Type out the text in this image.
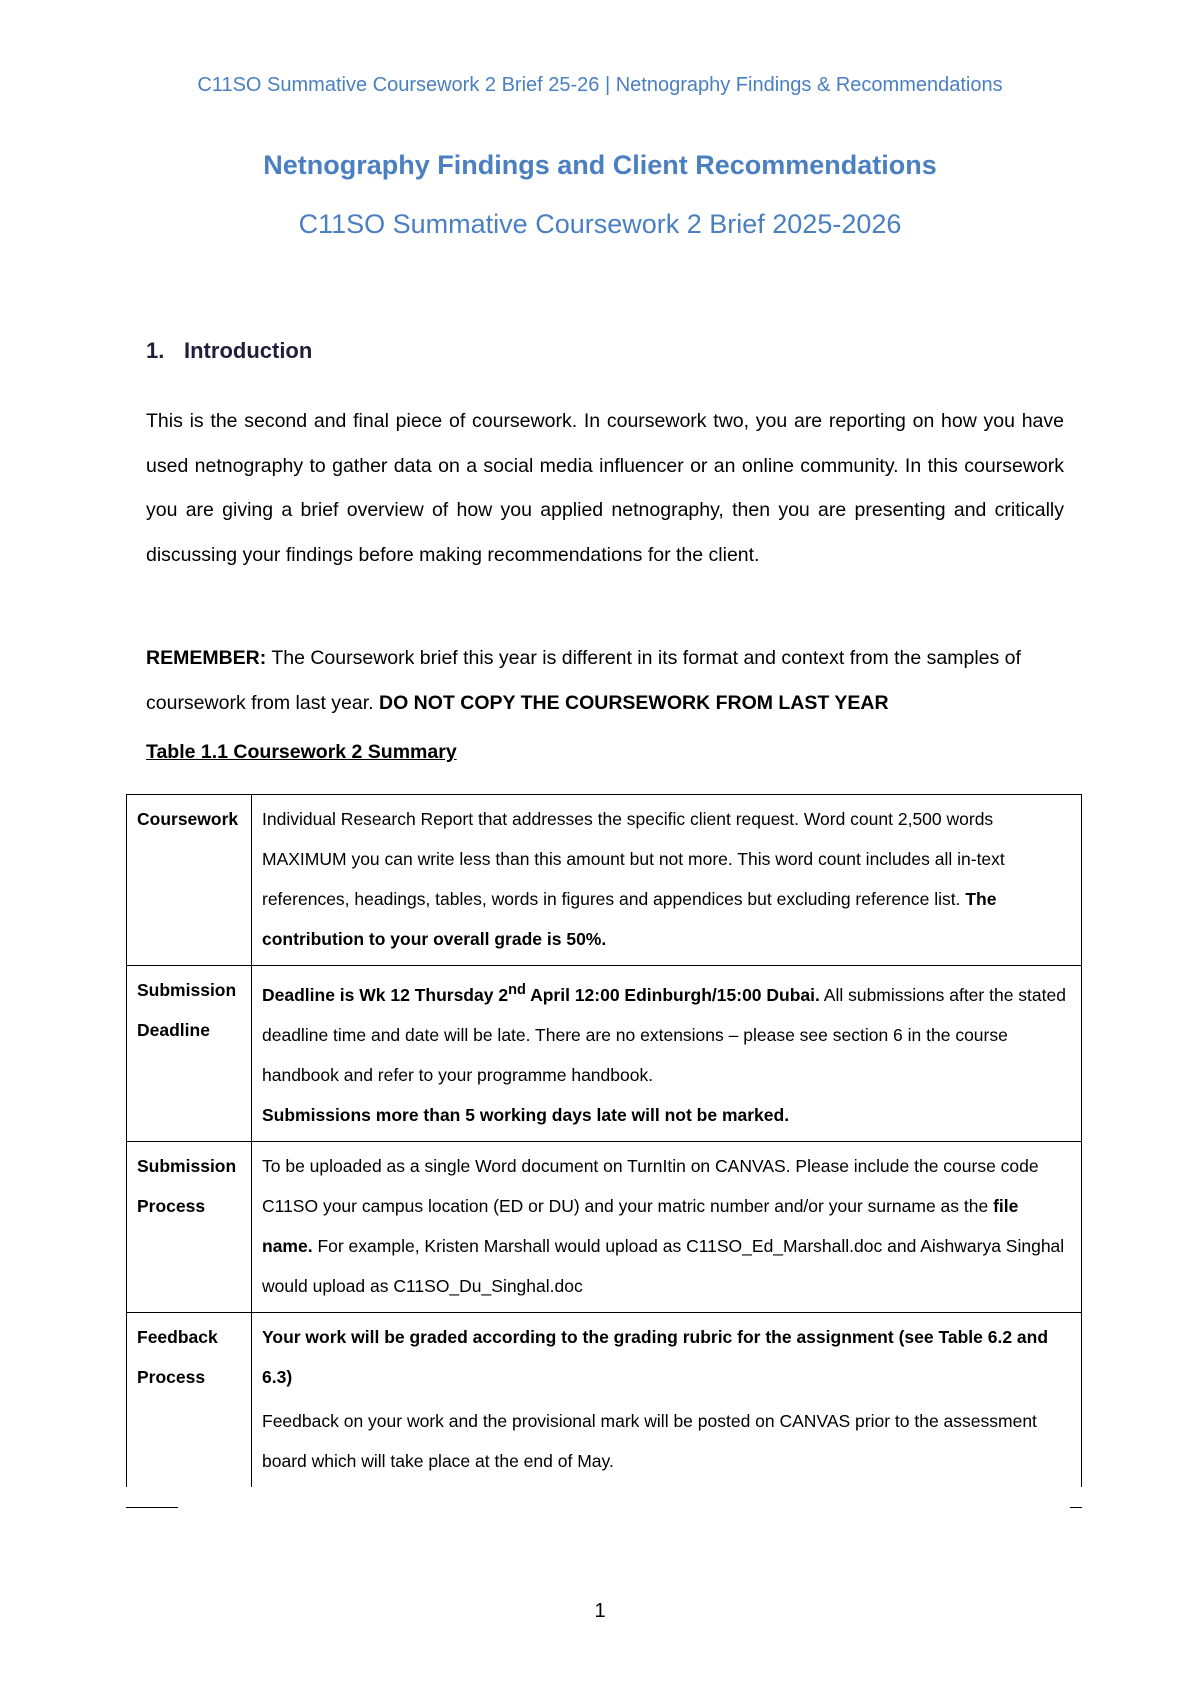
C11SO Summative Coursework 2 Brief 25-26 | Netnography Findings & Recommendations
Netnography Findings and Client Recommendations
C11SO Summative Coursework 2 Brief 2025-2026
1. Introduction

This is the second and final piece of coursework. In coursework two, you are reporting on how you have used netnography to gather data on a social media influencer or an online community. In this coursework you are giving a brief overview of how you applied netnography, then you are presenting and critically discussing your findings before making recommendations for the client.

REMEMBER: The Coursework brief this year is different in its format and context from the samples of coursework from last year. DO NOT COPY THE COURSEWORK FROM LAST YEAR

Table 1.1 Coursework 2 Summary
Coursework	Individual Research Report that addresses the specific client request. Word count 2,500 words MAXIMUM you can write less than this amount but not more. This word count includes all in-text references, headings, tables, words in figures and appendices but excluding reference list. The contribution to your overall grade is 50%.

Submission Deadline	Deadline is Wk 12 Thursday 2nd April 12:00 Edinburgh/15:00 Dubai. All submissions after the stated deadline time and date will be late. There are no extensions – please see section 6 in the course handbook and refer to your programme handbook.

Submissions more than 5 working days late will not be marked.

Submission Process	To be uploaded as a single Word document on TurnItin on CANVAS. Please include the course code C11SO your campus location (ED or DU) and your matric number and/or your surname as the file name. For example, Kristen Marshall would upload as C11SO_Ed_Marshall.doc and Aishwarya Singhal would upload as C11SO_Du_Singhal.doc

Feedback Process	Your work will be graded according to the grading rubric for the assignment (see Table 6.2 and 6.3)

Feedback on your work and the provisional mark will be posted on CANVAS prior to the assessment board which will take place at the end of May.

1
